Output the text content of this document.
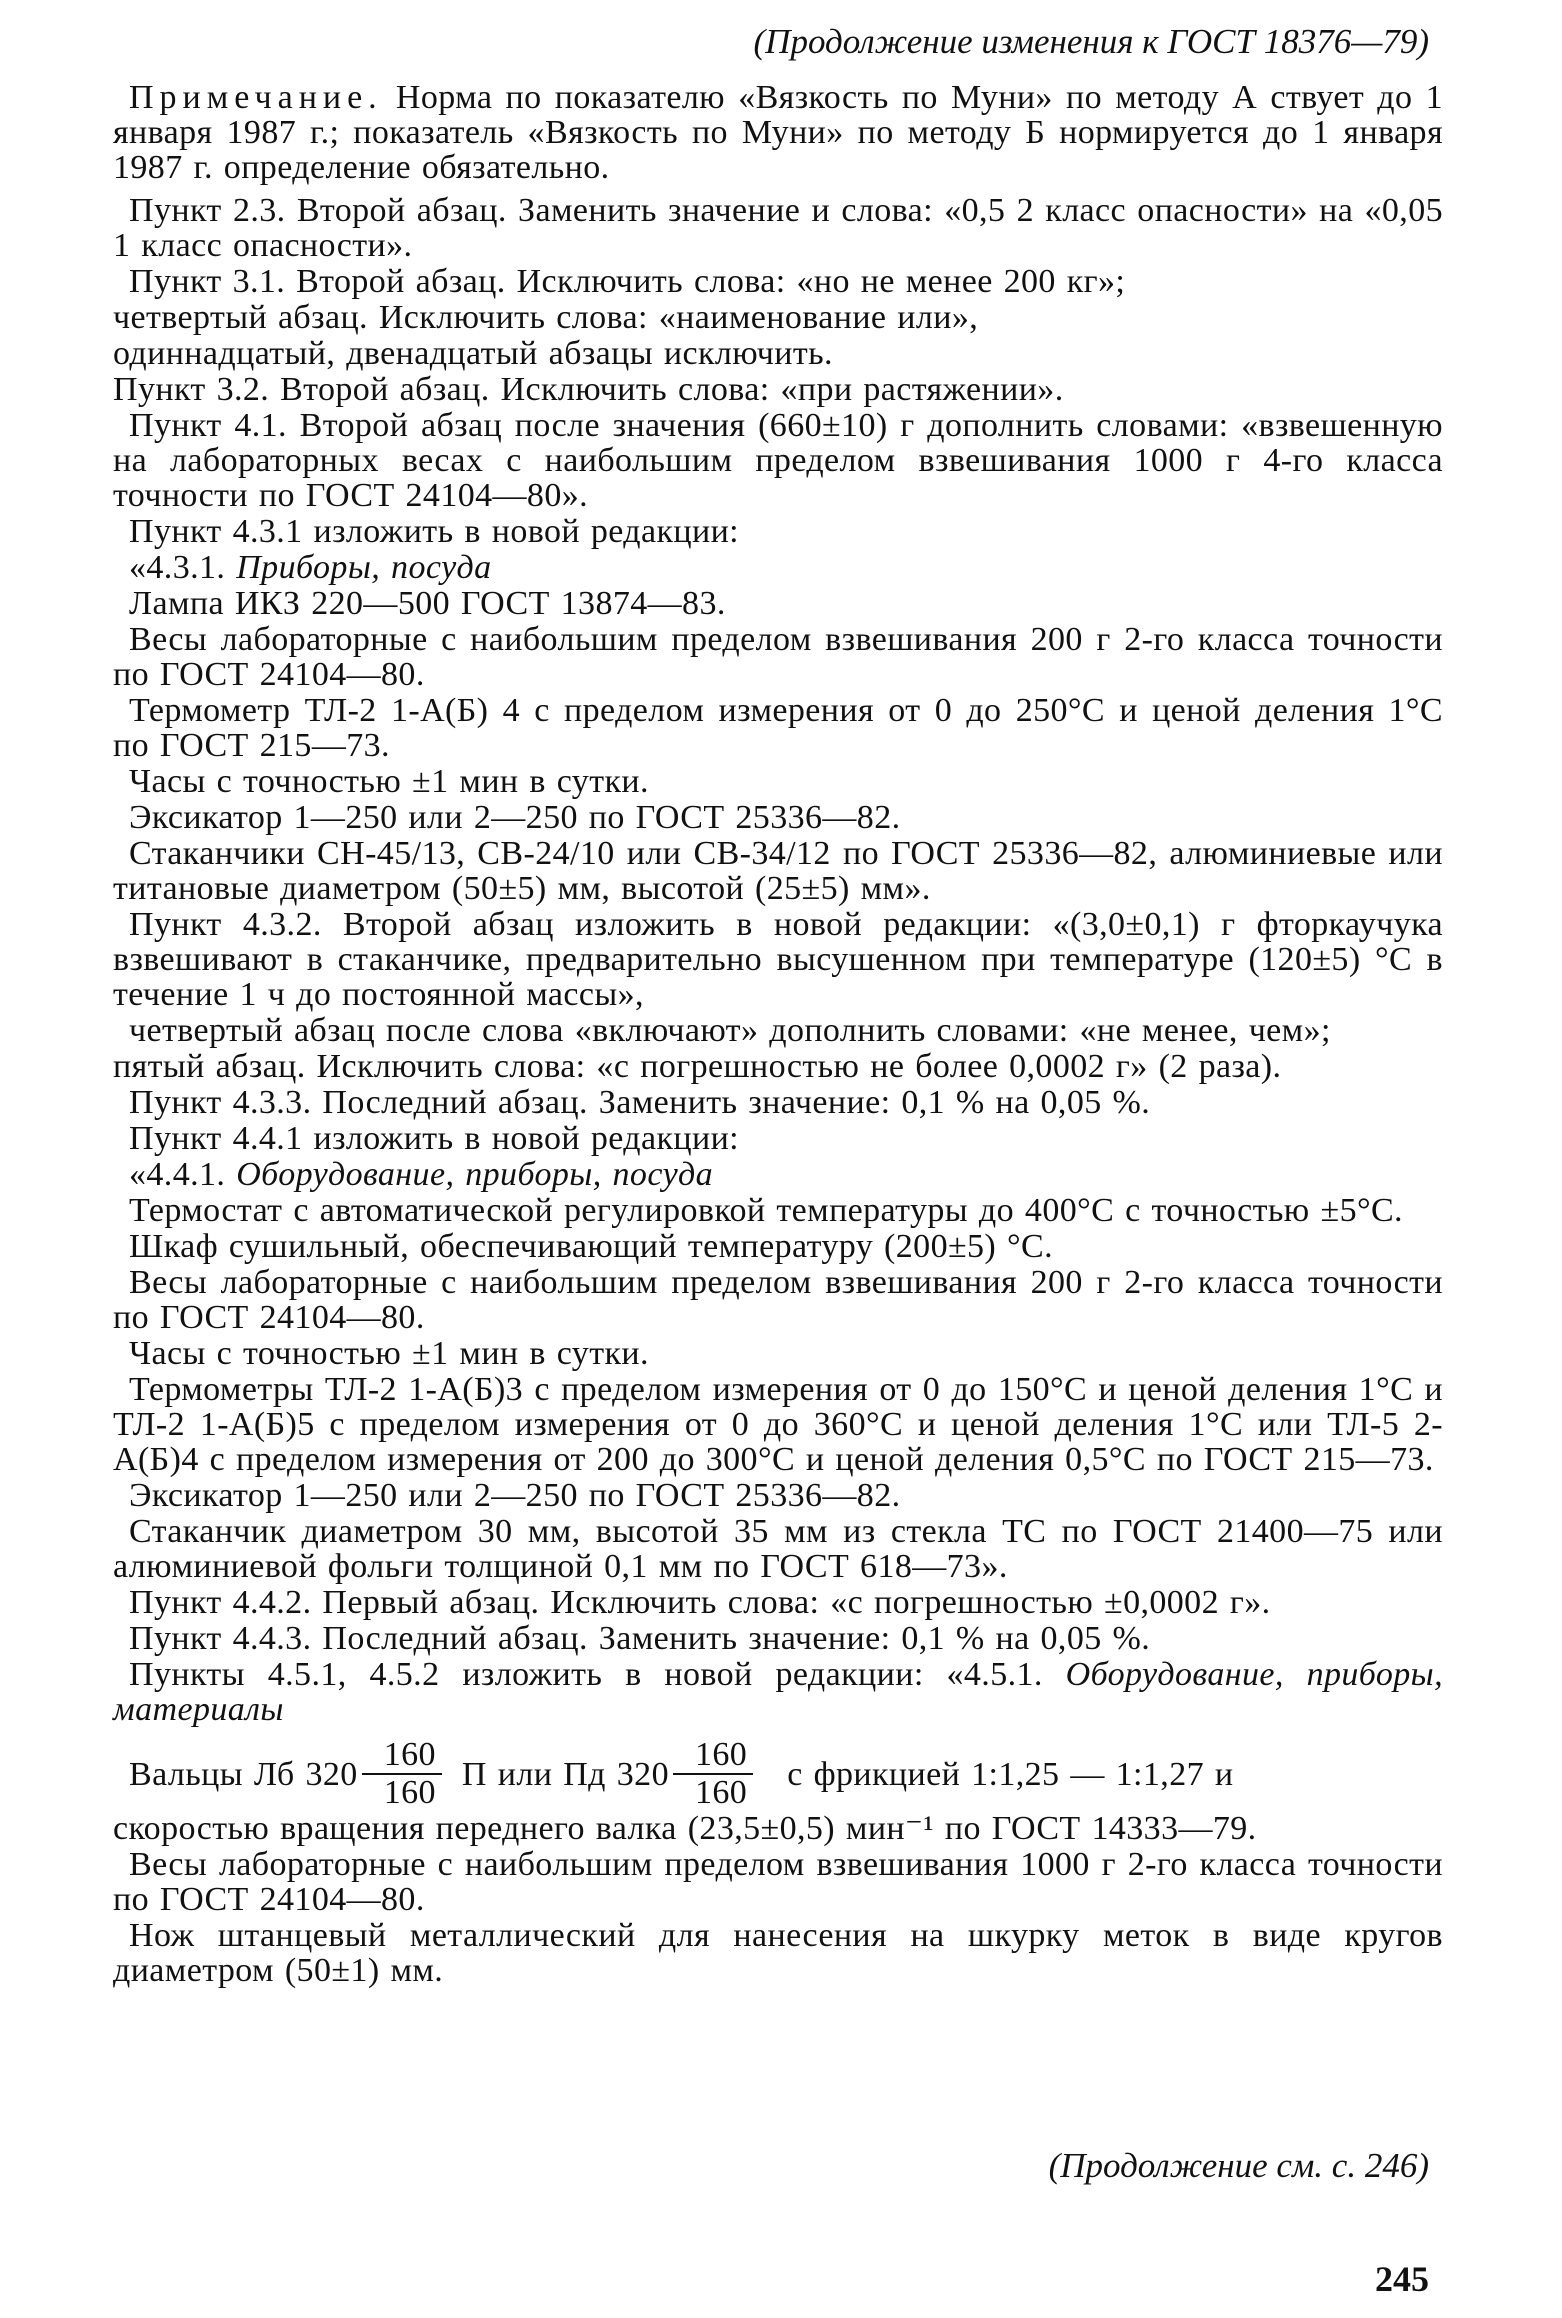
(Продолжение изменения к ГОСТ 18376—79)

Примечание. Норма по показателю «Вязкость по Муни» по методу А ствует до 1 января 1987 г.; показатель «Вязкость по Муни» по методу Б нормируется до 1 января 1987 г. определение обязательно.

Пункт 2.3. Второй абзац. Заменить значение и слова: «0,5 2 класс опасности» на «0,05 1 класс опасности».

Пункт 3.1. Второй абзац. Исключить слова: «но не менее 200 кг»;

четвертый абзац. Исключить слова: «наименование или»,

одиннадцатый, двенадцатый абзацы исключить.

Пункт 3.2. Второй абзац. Исключить слова: «при растяжении».

Пункт 4.1. Второй абзац после значения (660±10) г дополнить словами: «взвешенную на лабораторных весах с наибольшим пределом взвешивания 1000 г 4-го класса точности по ГОСТ 24104—80».

Пункт 4.3.1 изложить в новой редакции:

«4.3.1. Приборы, посуда

Лампа ИКЗ 220—500 ГОСТ 13874—83.

Весы лабораторные с наибольшим пределом взвешивания 200 г 2-го класса точности по ГОСТ 24104—80.

Термометр ТЛ-2 1-А(Б) 4 с пределом измерения от 0 до 250°С и ценой деления 1°С по ГОСТ 215—73.

Часы с точностью ±1 мин в сутки.

Эксикатор 1—250 или 2—250 по ГОСТ 25336—82.

Стаканчики СН-45/13, СВ-24/10 или СВ-34/12 по ГОСТ 25336—82, алюминиевые или титановые диаметром (50±5) мм, высотой (25±5) мм».

Пункт 4.3.2. Второй абзац изложить в новой редакции: «(3,0±0,1) г фторкаучука взвешивают в стаканчике, предварительно высушенном при температуре (120±5) °С в течение 1 ч до постоянной массы»,

четвертый абзац после слова «включают» дополнить словами: «не менее, чем»;

пятый абзац. Исключить слова: «с погрешностью не более 0,0002 г» (2 раза).

Пункт 4.3.3. Последний абзац. Заменить значение: 0,1 % на 0,05 %.

Пункт 4.4.1 изложить в новой редакции:

«4.4.1. Оборудование, приборы, посуда

Термостат с автоматической регулировкой температуры до 400°С с точностью ±5°С.

Шкаф сушильный, обеспечивающий температуру (200±5) °С.

Весы лабораторные с наибольшим пределом взвешивания 200 г 2-го класса точности по ГОСТ 24104—80.

Часы с точностью ±1 мин в сутки.

Термометры ТЛ-2 1-А(Б)3 с пределом измерения от 0 до 150°С и ценой деления 1°С и ТЛ-2 1-А(Б)5 с пределом измерения от 0 до 360°С и ценой деления 1°С или ТЛ-5 2-А(Б)4 с пределом измерения от 200 до 300°С и ценой деления 0,5°С по ГОСТ 215—73.

Эксикатор 1—250 или 2—250 по ГОСТ 25336—82.

Стаканчик диаметром 30 мм, высотой 35 мм из стекла ТС по ГОСТ 21400—75 или алюминиевой фольги толщиной 0,1 мм по ГОСТ 618—73».

Пункт 4.4.2. Первый абзац. Исключить слова: «с погрешностью ±0,0002 г».

Пункт 4.4.3. Последний абзац. Заменить значение: 0,1 % на 0,05 %.

Пункты 4.5.1, 4.5.2 изложить в новой редакции: «4.5.1. Оборудование, приборы, материалы

Вальцы Лб $320 \frac{160}{160}$ П или Пд $320 \frac{160}{160}$	с фрикцией 1:1,25 — 1:1,27 и

скоростью вращения переднего валка (23,5±0,5) мин⁻¹ по ГОСТ 14333—79.

Весы лабораторные с наибольшим пределом взвешивания 1000 г 2-го класса точности по ГОСТ 24104—80.

Нож штанцевый металлический для нанесения на шкурку меток в виде кругов диаметром (50±1) мм.

(Продолжение см. с. 246)
245
